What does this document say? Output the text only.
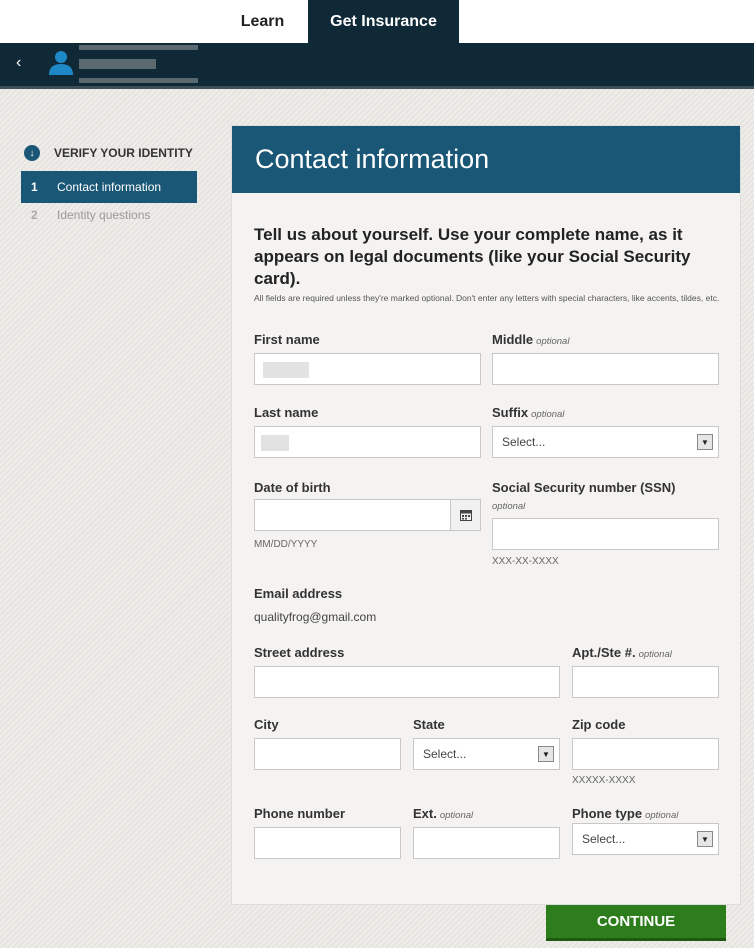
Learn	Get Insurance
‹
↓	VERIFY YOUR IDENTITY
1	Contact information
2	Identity questions
Contact information
Tell us about yourself. Use your complete name, as it appears on legal documents (like your Social Security card).
All fields are required unless they're marked optional. Don't enter any letters with special characters, like accents, tildes, etc.
First name	Middle optional
Last name	Suffix optional
Select...	▼
Date of birth	Social Security number (SSN)
optional
MM/DD/YYYY
XXX-XX-XXXX
Email address
qualityfrog@gmail.com
Street address	Apt./Ste #. optional
City	State	Zip code
Select...	▼
XXXXX-XXXX
Phone number	Ext. optional	Phone type optional
Select...	▼
CONTINUE
